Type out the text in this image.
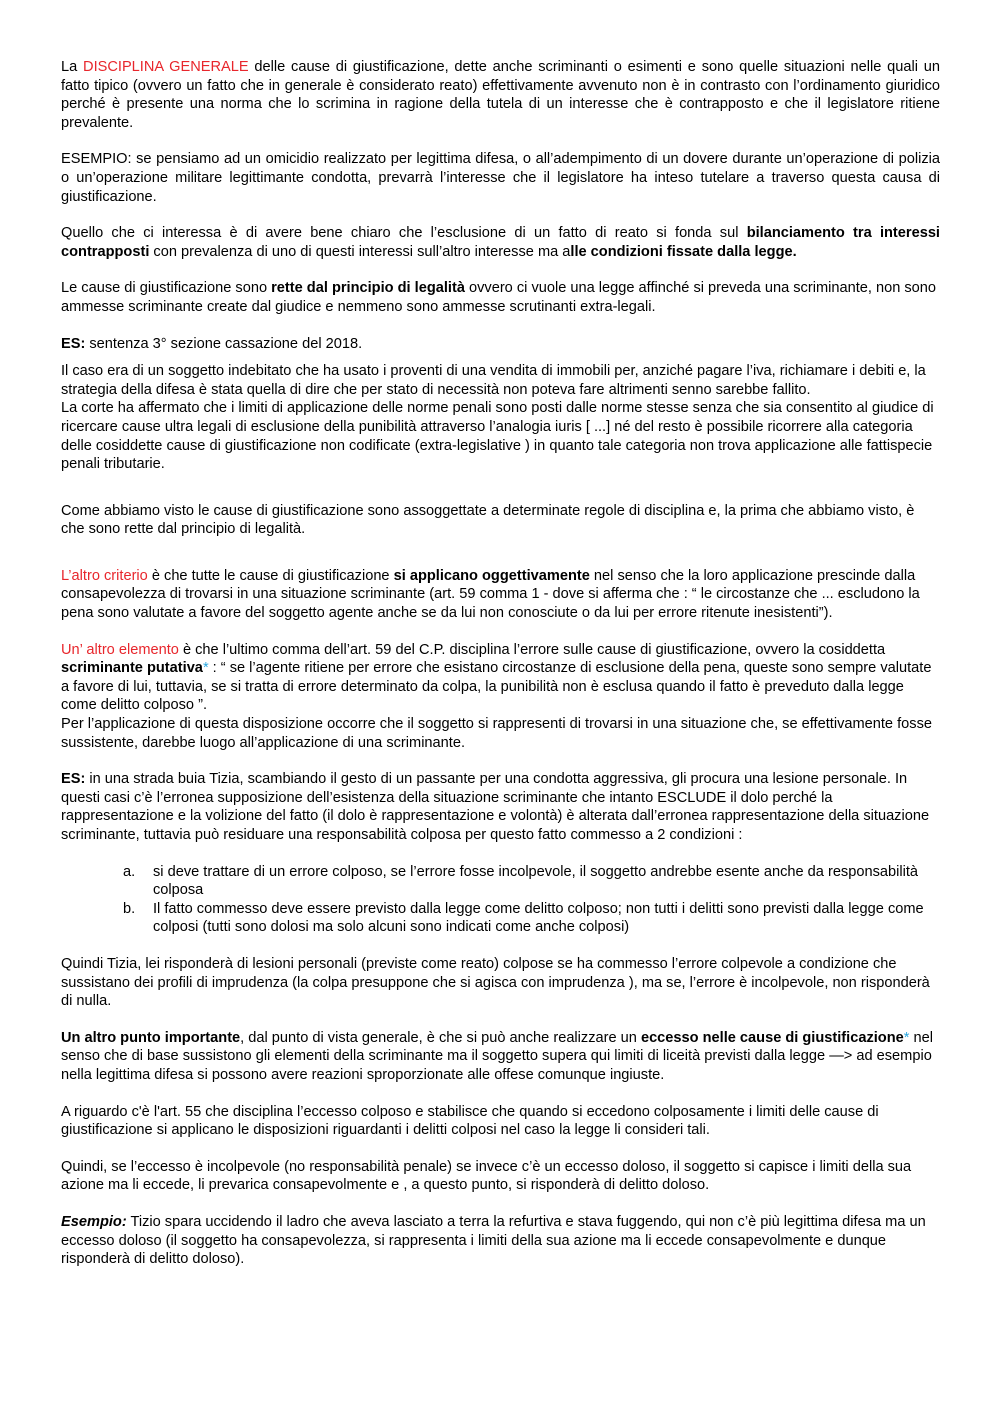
La DISCIPLINA GENERALE delle cause di giustificazione, dette anche scriminanti o esimenti e sono quelle situazioni nelle quali un fatto tipico (ovvero un fatto che in generale è considerato reato) effettivamente avvenuto non è in contrasto con l’ordinamento giuridico perché è presente una norma che lo scrimina in ragione della tutela di un interesse che è contrapposto e che il legislatore ritiene prevalente.

ESEMPIO: se pensiamo ad un omicidio realizzato per legittima difesa, o all’adempimento di un dovere durante un’operazione di polizia o un’operazione militare legittimante condotta, prevarrà l’interesse che il legislatore ha inteso tutelare a traverso questa causa di giustificazione.

Quello che ci interessa è di avere bene chiaro che l’esclusione di un fatto di reato si fonda sul bilanciamento tra interessi contrapposti con prevalenza di uno di questi interessi sull’altro interesse ma alle condizioni fissate dalla legge.

Le cause di giustificazione sono rette dal principio di legalità ovvero ci vuole una legge affinché si preveda una scriminante, non sono ammesse scriminante create dal giudice e nemmeno sono ammesse scrutinanti extra-legali.

ES: sentenza 3° sezione cassazione del 2018.

Il caso era di un soggetto indebitato che ha usato i proventi di una vendita di immobili per, anziché pagare l’iva, richiamare i debiti e, la strategia della difesa è stata quella di dire che per stato di necessità non poteva fare altrimenti senno sarebbe fallito.
La corte ha affermato che i limiti di applicazione delle norme penali sono posti dalle norme stesse senza che sia consentito al giudice di ricercare cause ultra legali di esclusione della punibilità attraverso l’analogia iuris [ ...] né del resto è possibile ricorrere alla categoria delle cosiddette cause di giustificazione non codificate (extra-legislative ) in quanto tale categoria non trova applicazione alle fattispecie penali tributarie.

Come abbiamo visto le cause di giustificazione sono assoggettate a determinate regole di disciplina e, la prima che abbiamo visto, è che sono rette dal principio di legalità.

L’altro criterio è che tutte le cause di giustificazione si applicano oggettivamente nel senso che la loro applicazione prescinde dalla consapevolezza di trovarsi in una situazione scriminante (art. 59 comma 1 - dove si afferma che : “ le circostanze che ... escludono la pena sono valutate a favore del soggetto agente anche se da lui non conosciute o da lui per errore ritenute inesistenti”).

Un’ altro elemento è che l’ultimo comma dell’art. 59 del C.P. disciplina l’errore sulle cause di giustificazione, ovvero la cosiddetta scriminante putativa* : “ se l’agente ritiene per errore che esistano circostanze di esclusione della pena, queste sono sempre valutate a favore di lui, tuttavia, se si tratta di errore determinato da colpa, la punibilità non è esclusa quando il fatto è preveduto dalla legge come delitto colposo ”.
Per l’applicazione di questa disposizione occorre che il soggetto si rappresenti di trovarsi in una situazione che, se effettivamente fosse sussistente, darebbe luogo all’applicazione di una scriminante.

ES: in una strada buia Tizia, scambiando il gesto di un passante per una condotta aggressiva, gli procura una lesione personale. In questi casi c’è l’erronea supposizione dell’esistenza della situazione scriminante che intanto ESCLUDE il dolo perché la rappresentazione e la volizione del fatto (il dolo è rappresentazione e volontà) è alterata dall’erronea rappresentazione della situazione scriminante, tuttavia può residuare una responsabilità colposa per questo fatto commesso a 2 condizioni :

a. si deve trattare di un errore colposo, se l’errore fosse incolpevole, il soggetto andrebbe esente anche da responsabilità colposa
b. Il fatto commesso deve essere previsto dalla legge come delitto colposo; non tutti i delitti sono previsti dalla legge come colposi (tutti sono dolosi ma solo alcuni sono indicati come anche colposi)

Quindi Tizia, lei risponderà di lesioni personali (previste come reato) colpose se ha commesso l’errore colpevole a condizione che sussistano dei profili di imprudenza (la colpa presuppone che si agisca con imprudenza ), ma se, l’errore è incolpevole, non risponderà di nulla.

Un altro punto importante, dal punto di vista generale, è che si può anche realizzare un eccesso nelle cause di giustificazione* nel senso che di base sussistono gli elementi della scriminante ma il soggetto supera qui limiti di liceità previsti dalla legge —> ad esempio nella legittima difesa si possono avere reazioni sproporzionate alle offese comunque ingiuste.

A riguardo c'è l'art. 55 che disciplina l’eccesso colposo e stabilisce che quando si eccedono colposamente i limiti delle cause di giustificazione si applicano le disposizioni riguardanti i delitti colposi nel caso la legge li consideri tali.

Quindi, se l’eccesso è incolpevole (no responsabilità penale) se invece c’è un eccesso doloso, il soggetto si capisce i limiti della sua azione ma li eccede, li prevarica consapevolmente e , a questo punto, si risponderà di delitto doloso.

Esempio: Tizio spara uccidendo il ladro che aveva lasciato a terra la refurtiva e stava fuggendo, qui non c’è più legittima difesa ma un eccesso doloso (il soggetto ha consapevolezza, si rappresenta i limiti della sua azione ma li eccede consapevolmente e dunque risponderà di delitto doloso).
